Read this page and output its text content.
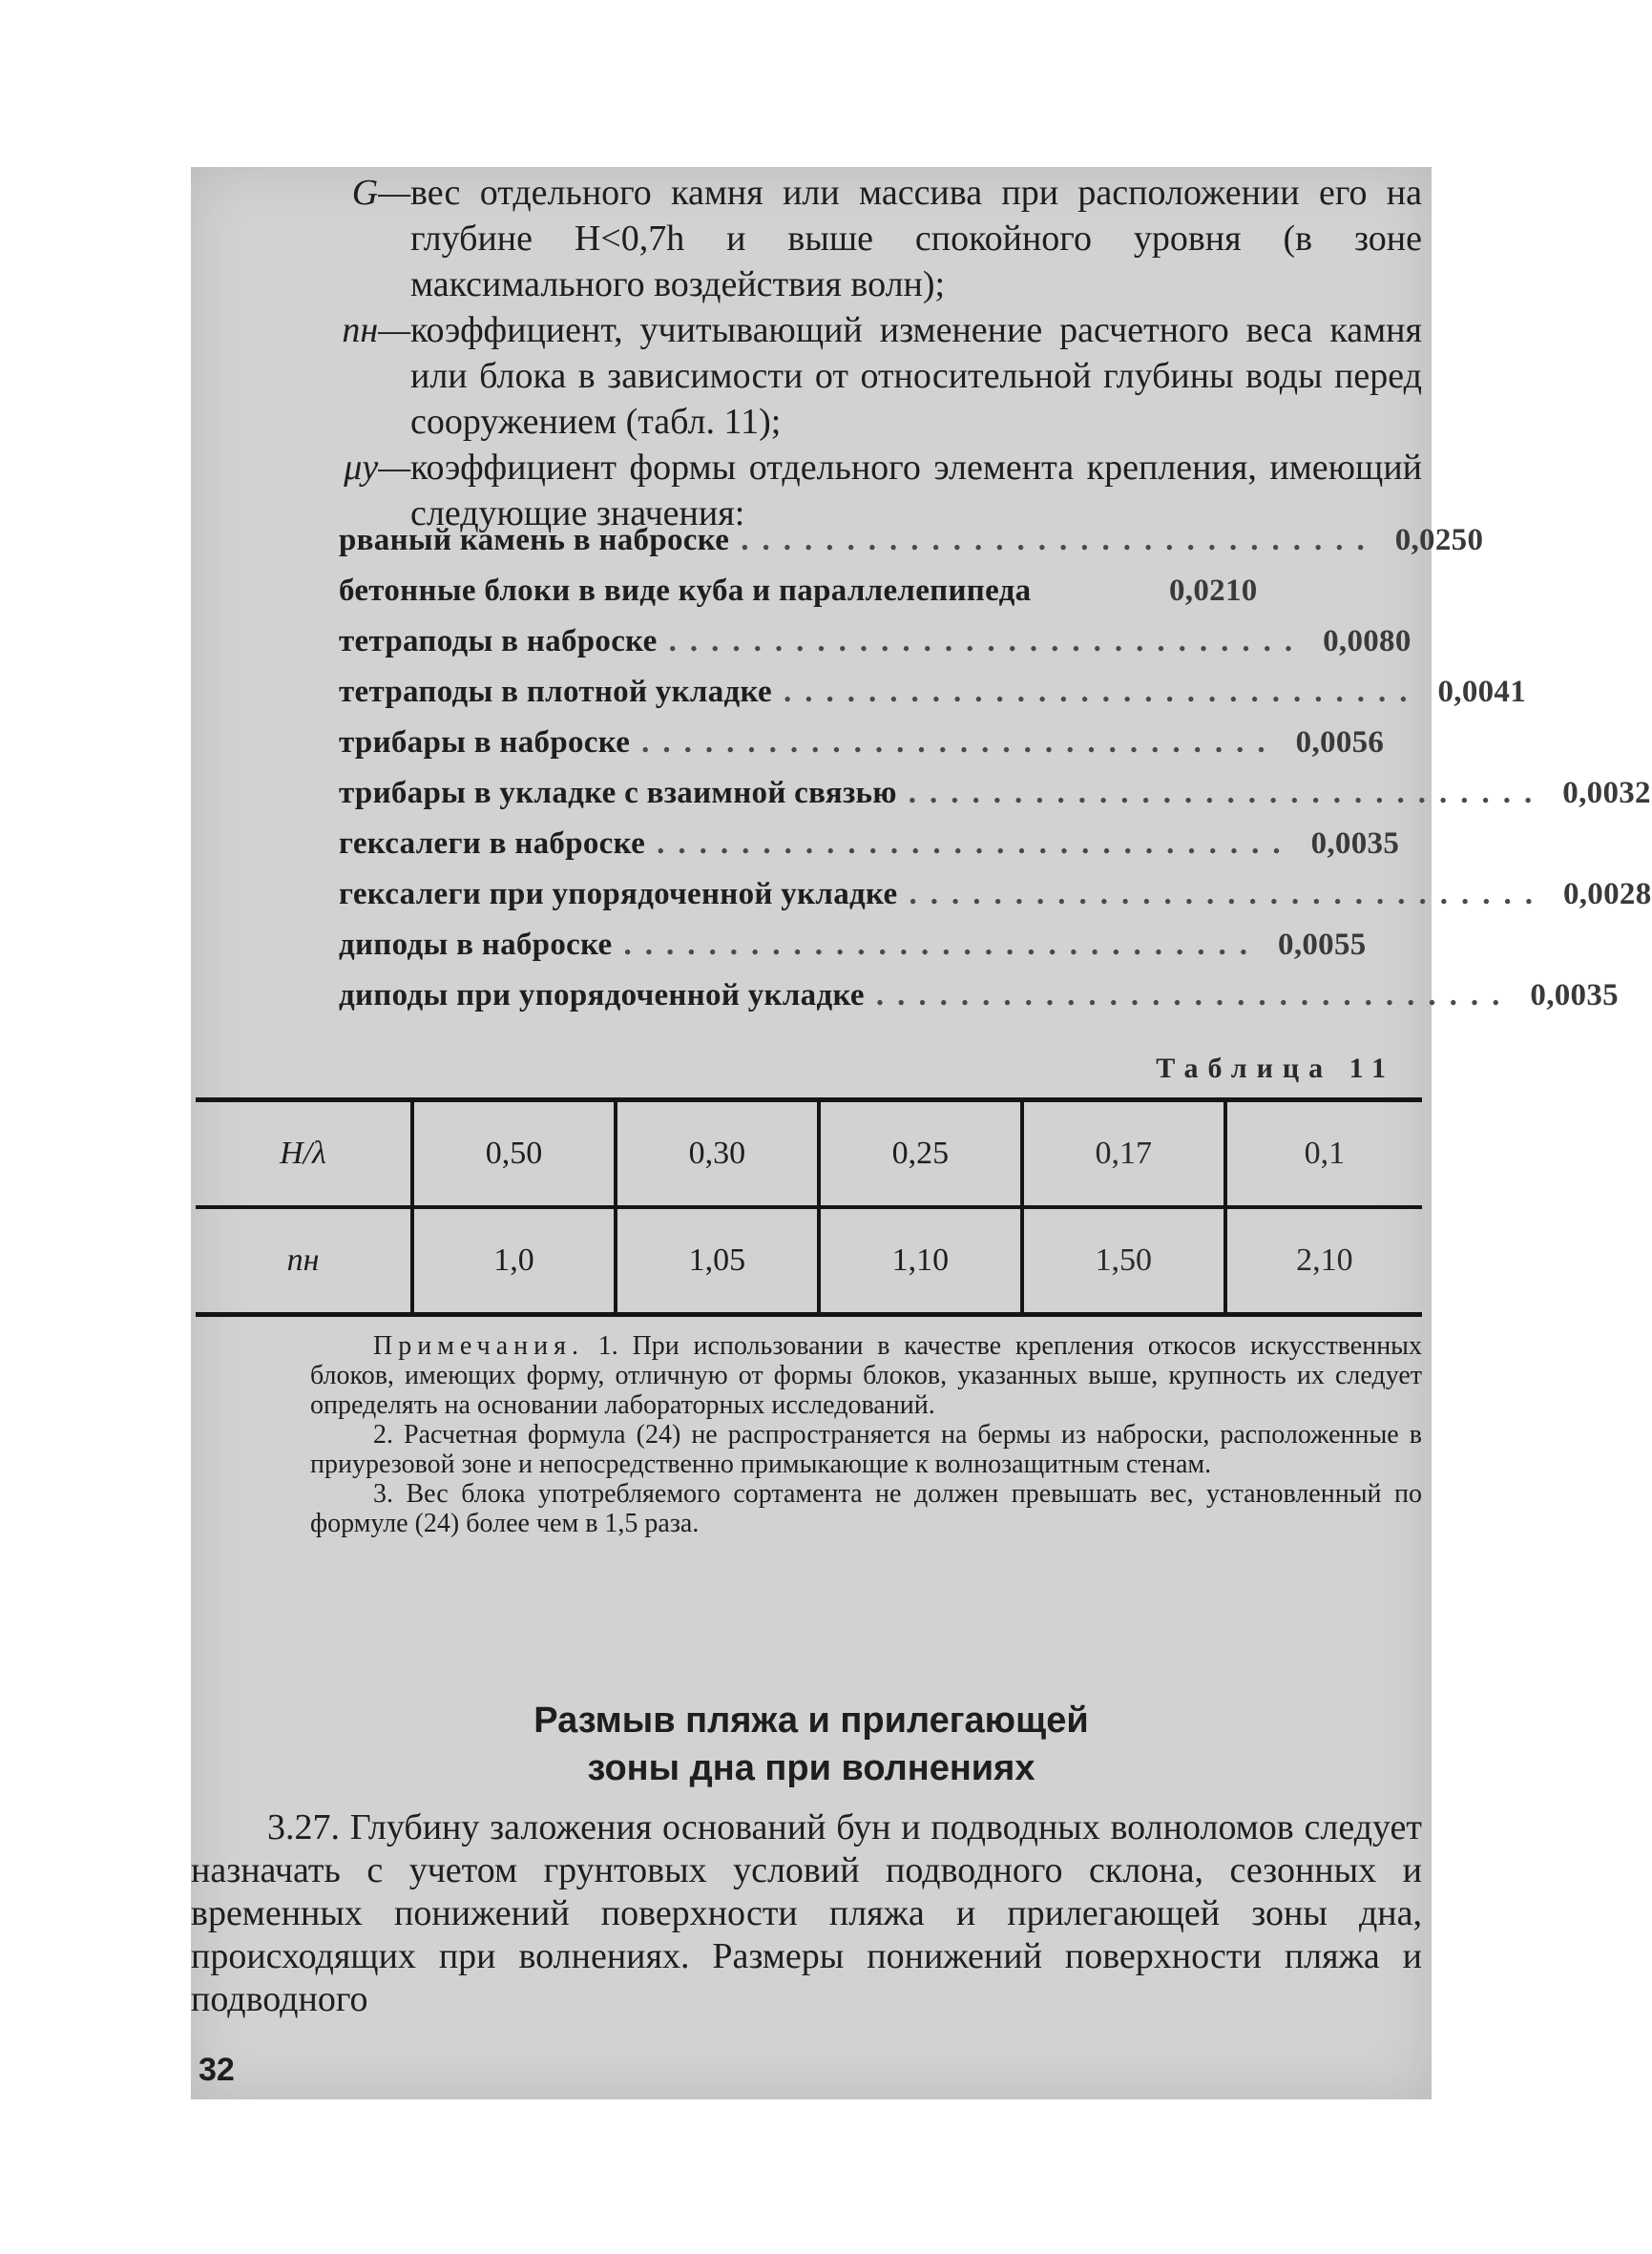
G— вес отдельного камня или массива при расположении его на глубине H<0,7h и выше спокойного уровня (в зоне максимального воздействия волн);
nн— коэффициент, учитывающий изменение расчетного веса камня или блока в зависимости от относительной глубины воды перед сооружением (табл. 11);
μу— коэффициент формы отдельного элемента крепления, имеющий следующие значения:
рваный камень в наброске .............................. 0,0250
бетонные блоки в виде куба и параллелепипеда	0,0210
тетраподы в наброске .............................. 0,0080
тетраподы в плотной укладке .............................. 0,0041
трибары в наброске .............................. 0,0056
трибары в укладке с взаимной связью .............................. 0,0032
гексалеги в наброске .............................. 0,0035
гексалеги при упорядоченной укладке .............................. 0,0028
диподы в наброске .............................. 0,0055
диподы при упорядоченной укладке .............................. 0,0035
Таблица 11
H/λ	0,50	0,30	0,25	0,17	0,1
nн	1,0	1,05	1,10	1,50	2,10

Примечания. 1. При использовании в качестве крепления откосов искусственных блоков, имеющих форму, отличную от формы блоков, указанных выше, крупность их следует определять на основании лабораторных исследований.

2. Расчетная формула (24) не распространяется на бермы из наброски, расположенные в приурезовой зоне и непосредственно примыкающие к волнозащитным стенам.

3. Вес блока употребляемого сортамента не должен превышать вес, установленный по формуле (24) более чем в 1,5 раза.

Размыв пляжа и прилегающей
зоны дна при волнениях

3.27. Глубину заложения оснований бун и подводных волноломов следует назначать с учетом грунтовых условий подводного склона, сезонных и временных понижений поверхности пляжа и прилегающей зоны дна, происходящих при волнениях. Размеры понижений поверхности пляжа и подводного

32
